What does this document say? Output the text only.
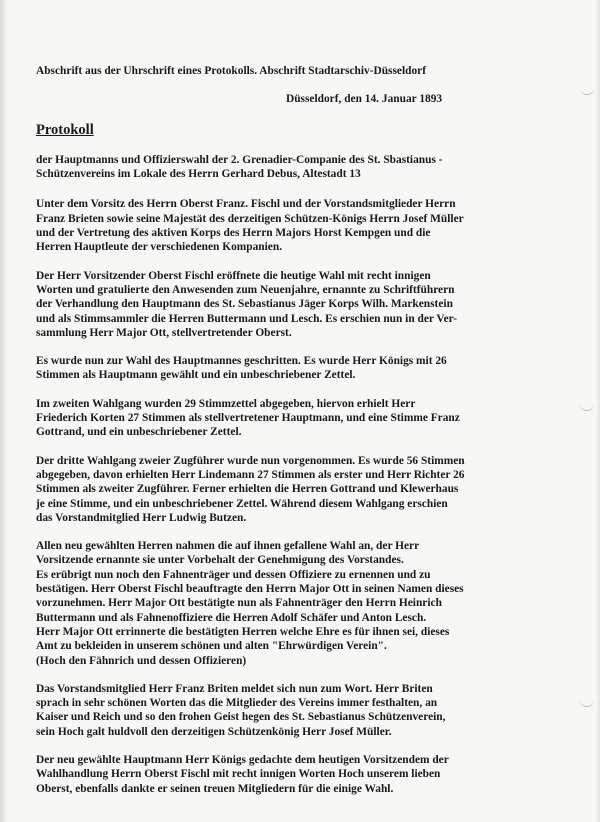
Abschrift aus der Uhrschrift eines Protokolls. Abschrift Stadtarschiv-Düsseldorf
Düsseldorf, den 14. Januar 1893
Protokoll
der Hauptmanns und Offizierswahl der 2. Grenadier-Companie des St. Sbastianus -
Schützenvereins im Lokale des Herrn Gerhard Debus, Altestadt 13
Unter dem Vorsitz des Herrn Oberst Franz. Fischl und der Vorstandsmitglieder Herrn
Franz Brieten sowie seine Majestät des derzeitigen Schützen-Königs Herrn Josef Müller
und der Vertretung des aktiven Korps des Herrn Majors Horst Kempgen und die
Herren Hauptleute der verschiedenen Kompanien.
Der Herr Vorsitzender Oberst Fischl eröffnete die heutige Wahl mit recht innigen
Worten und gratulierte den Anwesenden zum Neuenjahre, ernannte zu Schriftführern
der Verhandlung den Hauptmann des St. Sebastianus Jäger Korps Wilh. Markenstein
und als Stimmsammler die Herren Buttermann und Lesch. Es erschien nun in der Ver-
sammlung Herr Major Ott, stellvertretender Oberst.
Es wurde nun zur Wahl des Hauptmannes geschritten. Es wurde Herr Königs mit 26
Stimmen als Hauptmann gewählt und ein unbeschriebener Zettel.
Im zweiten Wahlgang wurden 29 Stimmzettel abgegeben, hiervon erhielt Herr
Friederich Korten 27 Stimmen als stellvertretener Hauptmann, und eine Stimme Franz
Gottrand, und ein unbeschriebener Zettel.
Der dritte Wahlgang zweier Zugführer wurde nun vorgenommen. Es wurde 56 Stimmen
abgegeben, davon erhielten Herr Lindemann 27 Stimmen als erster und Herr Richter 26
Stimmen als zweiter Zugführer. Ferner erhielten die Herren Gottrand und Klewerhaus
je eine Stimme, und ein unbeschriebener Zettel. Während diesem Wahlgang erschien
das Vorstandmitglied Herr Ludwig Butzen.
Allen neu gewählten Herren nahmen die auf ihnen gefallene Wahl an, der Herr
Vorsitzende ernannte sie unter Vorbehalt der Genehmigung des Vorstandes.
Es erübrigt nun noch den Fahnenträger und dessen Offiziere zu ernennen und zu
bestätigen. Herr Oberst Fischl beauftragte den Herrn Major Ott in seinen Namen dieses
vorzunehmen. Herr Major Ott bestätigte nun als Fahnenträger den Herrn Heinrich
Buttermann und als Fahnenoffiziere die Herren Adolf Schäfer und Anton Lesch.
Herr Major Ott errinnerte die bestätigten Herren welche Ehre es für ihnen sei, dieses
Amt zu bekleiden in unserem schönen und alten "Ehrwürdigen Verein".
(Hoch den Fähnrich und dessen Offizieren)
Das Vorstandsmitglied Herr Franz Briten meldet sich nun zum Wort. Herr Briten
sprach in sehr schönen Worten das die Mitglieder des Vereins immer festhalten, an
Kaiser und Reich und so den frohen Geist hegen des St. Sebastianus Schützenverein,
sein Hoch galt huldvoll den derzeitigen Schützenkönig Herr Josef Müller.
Der neu gewählte Hauptmann Herr Königs gedachte dem heutigen Vorsitzendem der
Wahlhandlung Herrn Oberst Fischl mit recht innigen Worten Hoch unserem lieben
Oberst, ebenfalls dankte er seinen treuen Mitgliedern für die einige Wahl.
